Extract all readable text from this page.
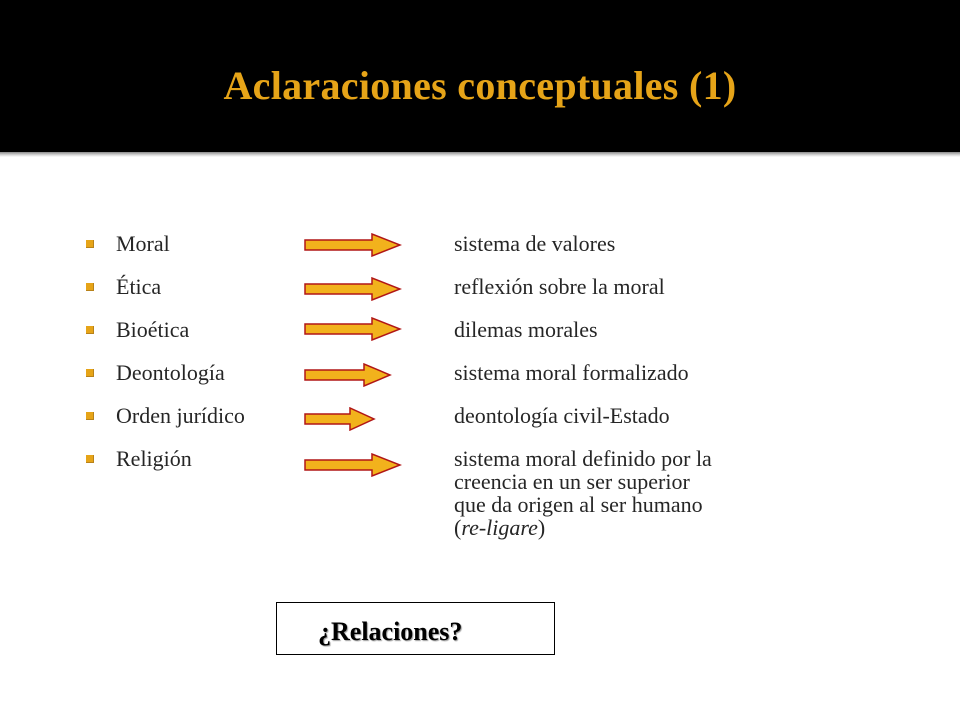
Aclaraciones conceptuales (1)
Moral	sistema de valores
Ética	reflexión sobre la moral
Bioética	dilemas morales
Deontología	sistema moral formalizado
Orden jurídico	deontología civil-Estado
Religión	sistema moral definido por la
creencia en un ser superior
que da origen al ser humano
(re-ligare)
¿Relaciones?
